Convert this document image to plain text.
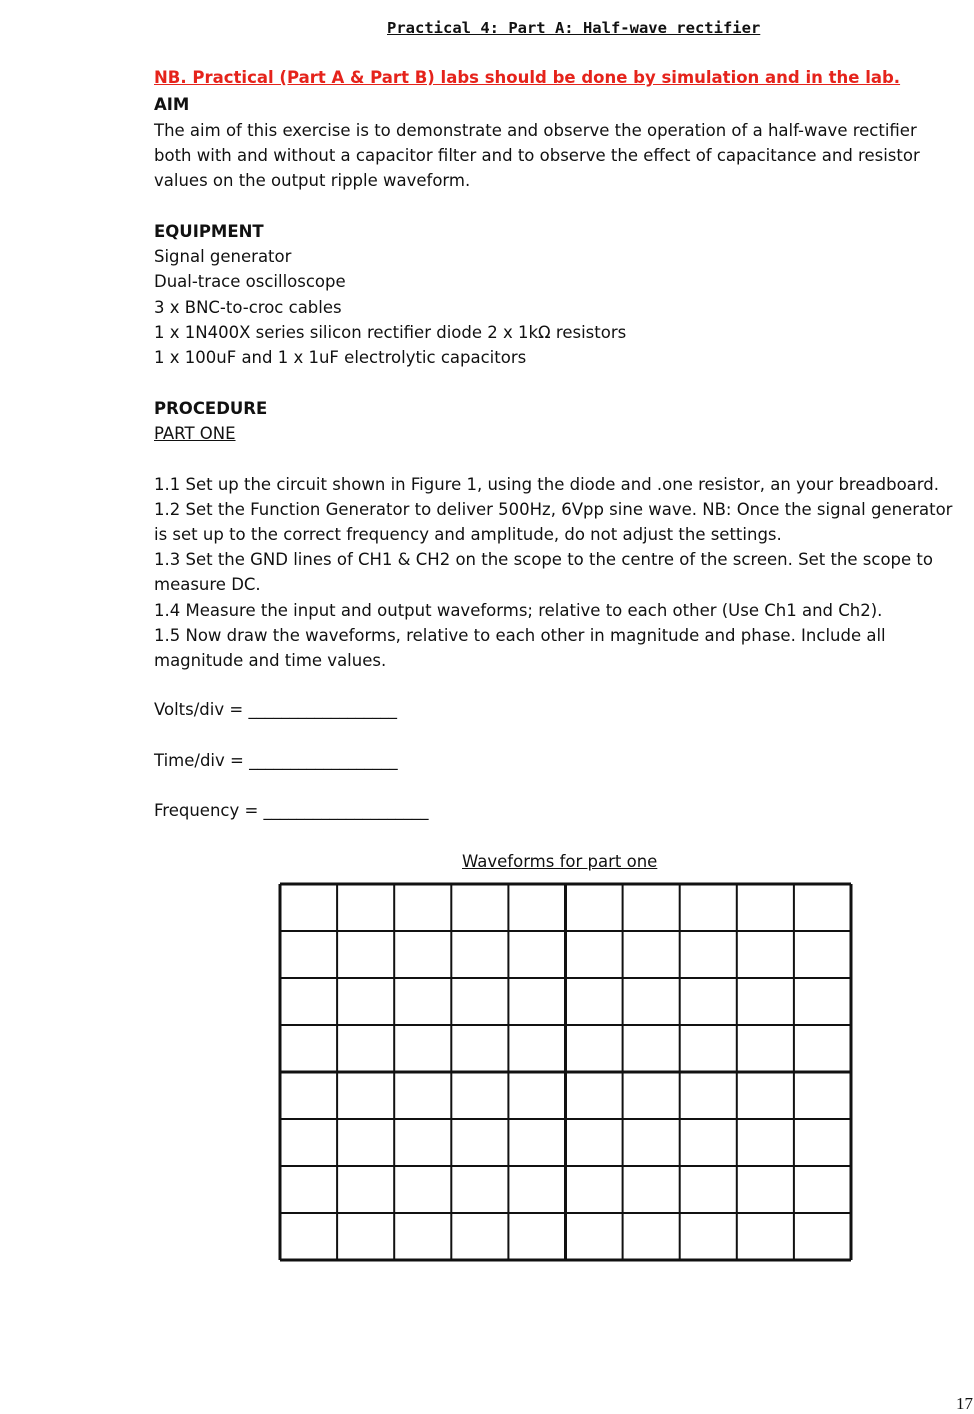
Practical 4: Part A: Half-wave rectifier
NB. Practical (Part A & Part B) labs should be done by simulation and in the lab.
AIM
The aim of this exercise is to demonstrate and observe the operation of a half-wave rectifier
both with and without a capacitor filter and to observe the effect of capacitance and resistor
values on the output ripple waveform.
EQUIPMENT
Signal generator
Dual-trace oscilloscope
3 x BNC-to-croc cables
1 x 1N400X series silicon rectifier diode 2 x 1kΩ resistors
1 x 100uF and 1 x 1uF electrolytic capacitors
PROCEDURE
PART ONE
1.1 Set up the circuit shown in Figure 1, using the diode and .one resistor, an your breadboard.
1.2 Set the Function Generator to deliver 500Hz, 6Vpp sine wave. NB: Once the signal generator
is set up to the correct frequency and amplitude, do not adjust the settings.
1.3 Set the GND lines of CH1 & CH2 on the scope to the centre of the screen. Set the scope to
measure DC.
1.4 Measure the input and output waveforms; relative to each other (Use Ch1 and Ch2).
1.5 Now draw the waveforms, relative to each other in magnitude and phase. Include all
magnitude and time values.
Volts/div = __________________
Time/div = __________________
Frequency = ____________________
Waveforms for part one
17
